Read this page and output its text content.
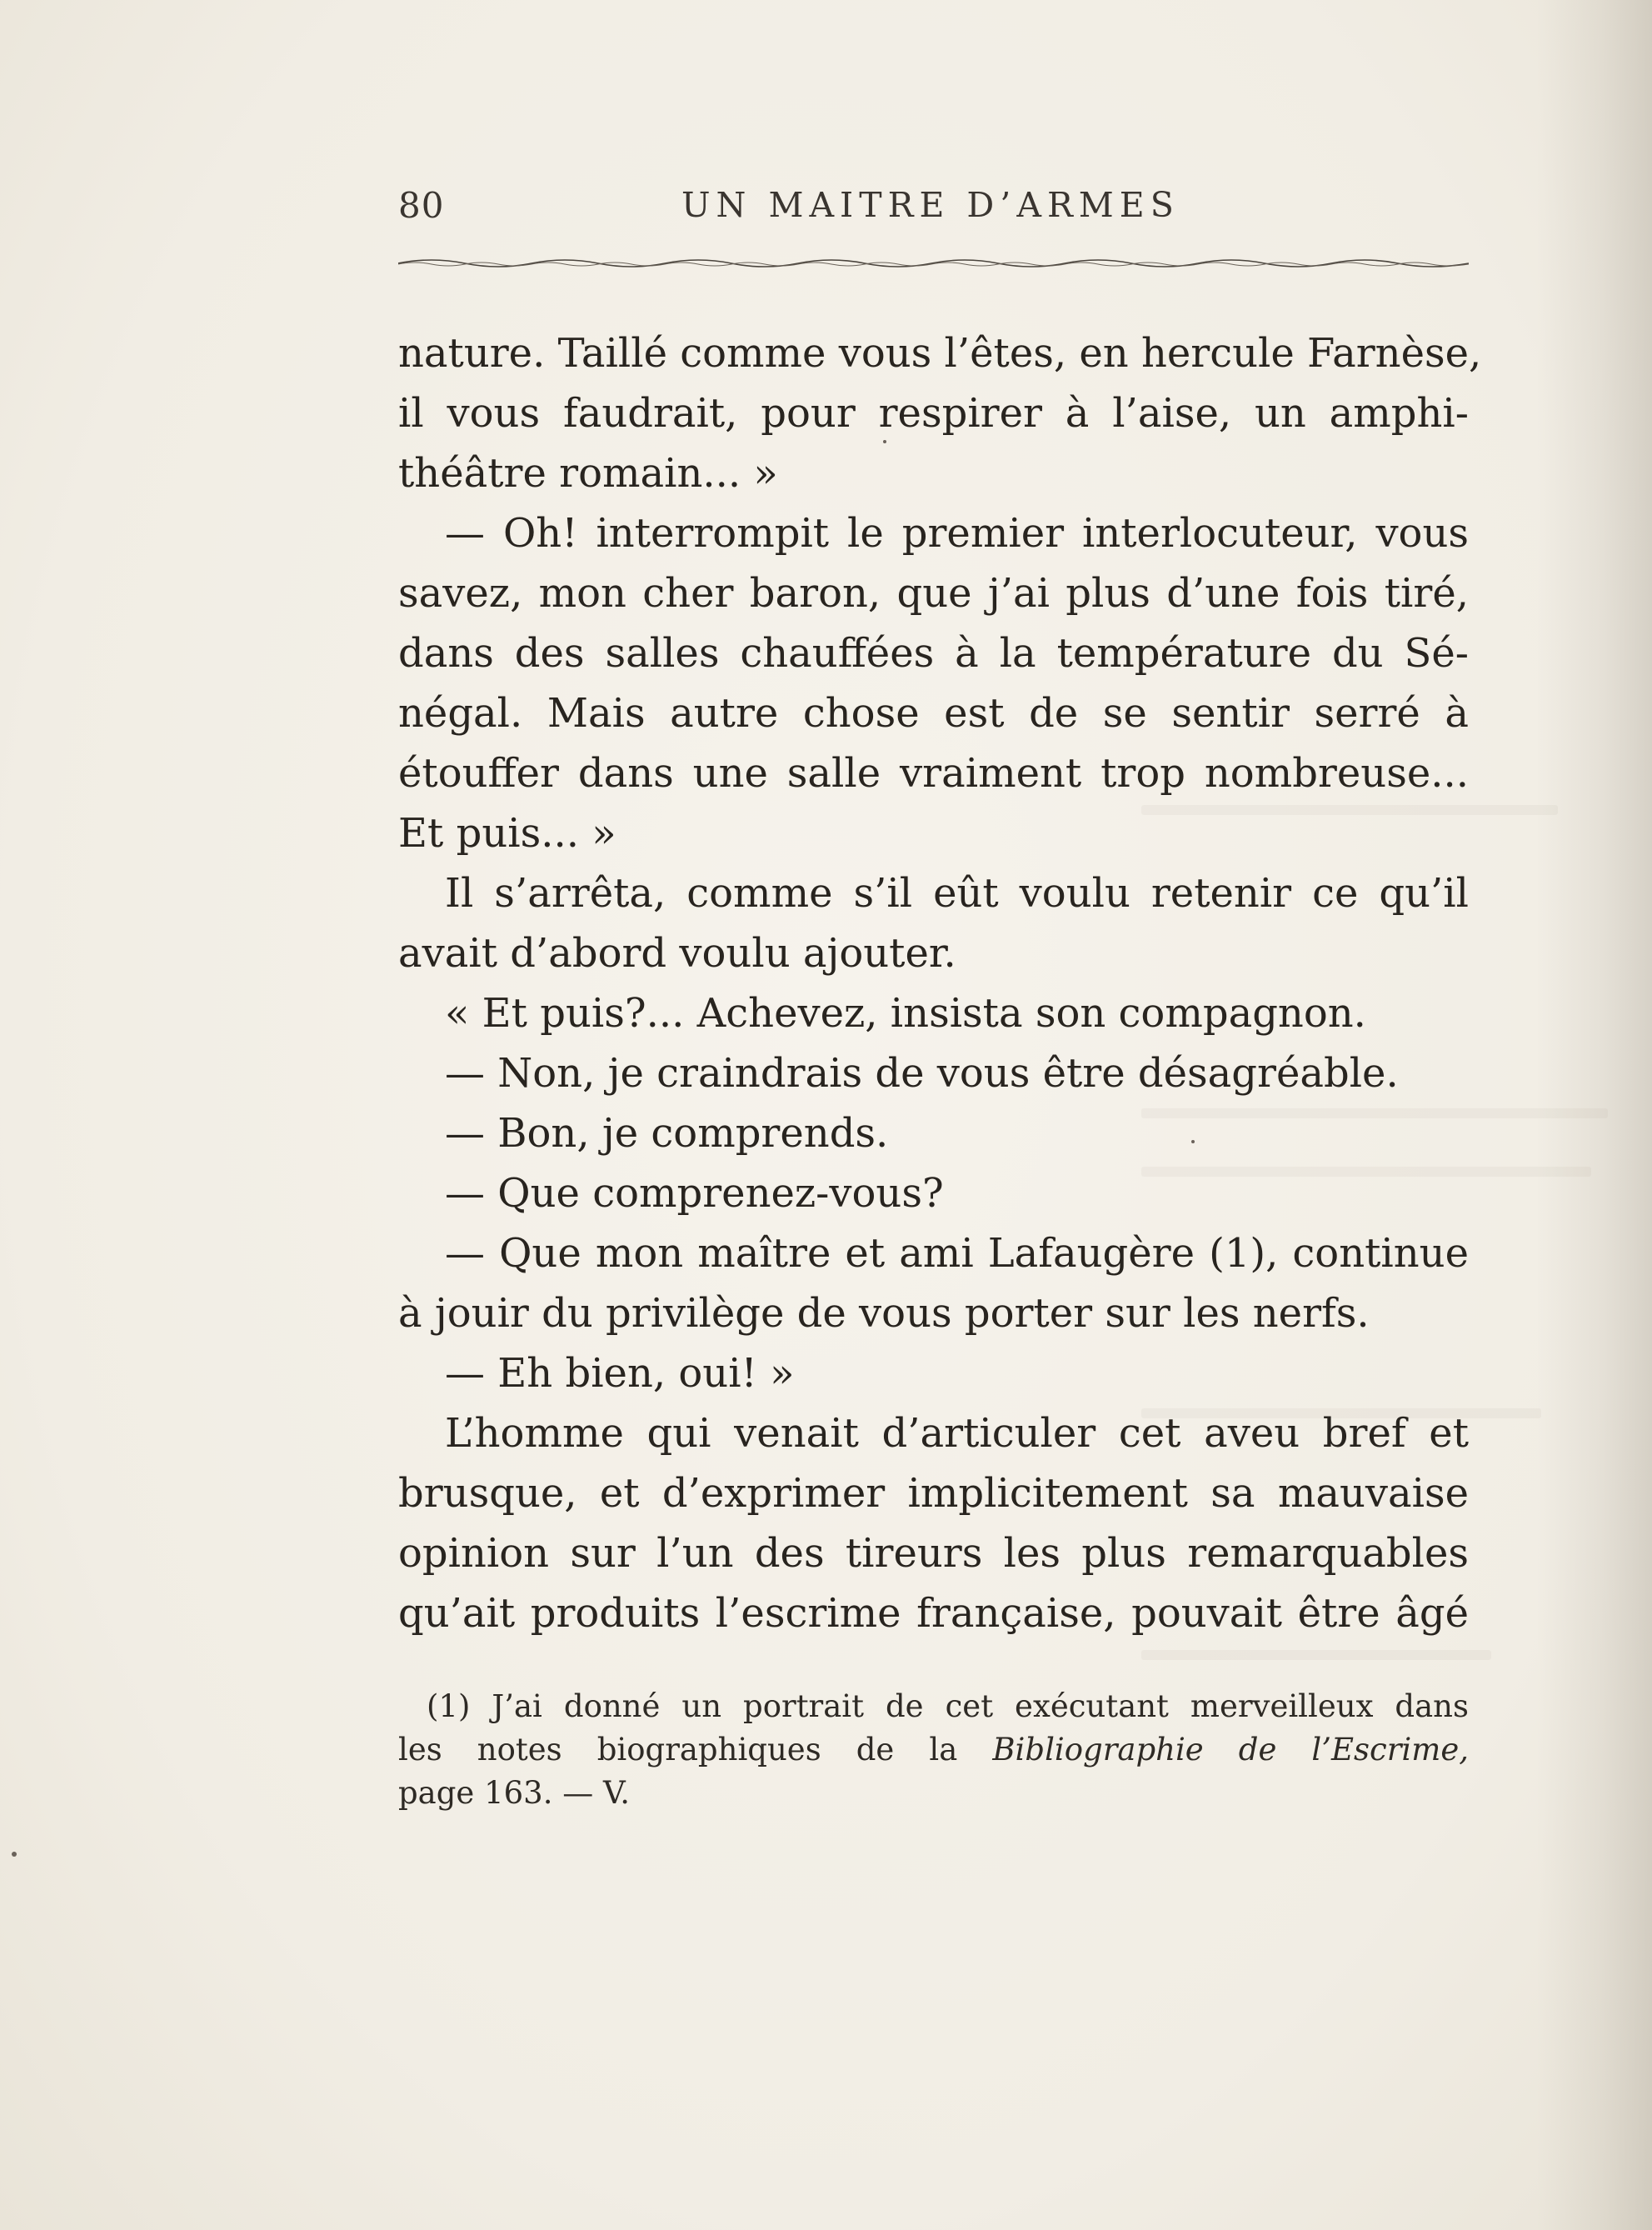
80	UN MAITRE D’ARMES
nature. Taillé comme vous l’êtes, en hercule Farnèse,
il vous faudrait, pour respirer à l’aise, un amphi-
théâtre romain... »
— Oh! interrompit le premier interlocuteur, vous
savez, mon cher baron, que j’ai plus d’une fois tiré,
dans des salles chauffées à la température du Sé-
négal. Mais autre chose est de se sentir serré à
étouffer dans une salle vraiment trop nombreuse...
Et puis... »
Il s’arrêta, comme s’il eût voulu retenir ce qu’il
avait d’abord voulu ajouter.
« Et puis?... Achevez, insista son compagnon.
— Non, je craindrais de vous être désagréable.
— Bon, je comprends.
— Que comprenez-vous?
— Que mon maître et ami Lafaugère (1), continue
à jouir du privilège de vous porter sur les nerfs.
— Eh bien, oui! »
L’homme qui venait d’articuler cet aveu bref et
brusque, et d’exprimer implicitement sa mauvaise
opinion sur l’un des tireurs les plus remarquables
qu’ait produits l’escrime française, pouvait être âgé
(1) J’ai donné un portrait de cet exécutant merveilleux dans
les notes biographiques de la Bibliographie de l’Escrime,
page 163. — V.
